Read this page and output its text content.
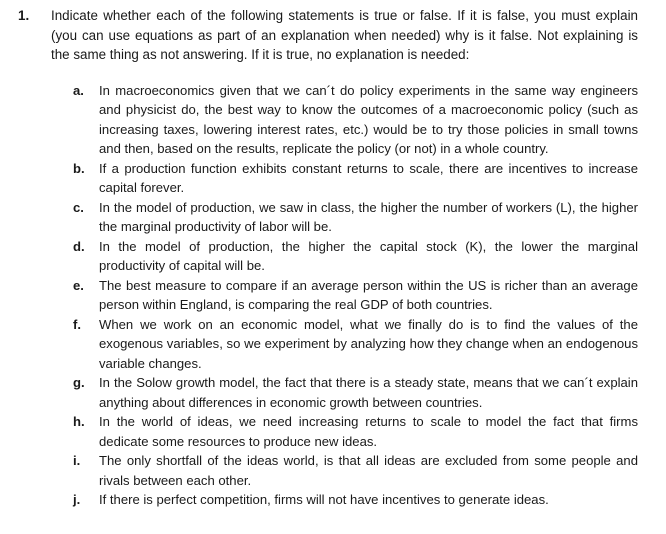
1.	Indicate whether each of the following statements is true or false. If it is false, you must explain (you can use equations as part of an explanation when needed) why is it false. Not explaining is the same thing as not answering. If it is true, no explanation is needed:
a.	In macroeconomics given that we can´t do policy experiments in the same way engineers and physicist do, the best way to know the outcomes of a macroeconomic policy (such as increasing taxes, lowering interest rates, etc.) would be to try those policies in small towns and then, based on the results, replicate the policy (or not) in a whole country.
b.	If a production function exhibits constant returns to scale, there are incentives to increase capital forever.
c.	In the model of production, we saw in class, the higher the number of workers (L), the higher the marginal productivity of labor will be.
d.	In the model of production, the higher the capital stock (K), the lower the marginal productivity of capital will be.
e.	The best measure to compare if an average person within the US is richer than an average person within England, is comparing the real GDP of both countries.
f.	When we work on an economic model, what we finally do is to find the values of the exogenous variables, so we experiment by analyzing how they change when an endogenous variable changes.
g.	In the Solow growth model, the fact that there is a steady state, means that we can´t explain anything about differences in economic growth between countries.
h.	In the world of ideas, we need increasing returns to scale to model the fact that firms dedicate some resources to produce new ideas.
i.	The only shortfall of the ideas world, is that all ideas are excluded from some people and rivals between each other.
j.	If there is perfect competition, firms will not have incentives to generate ideas.
